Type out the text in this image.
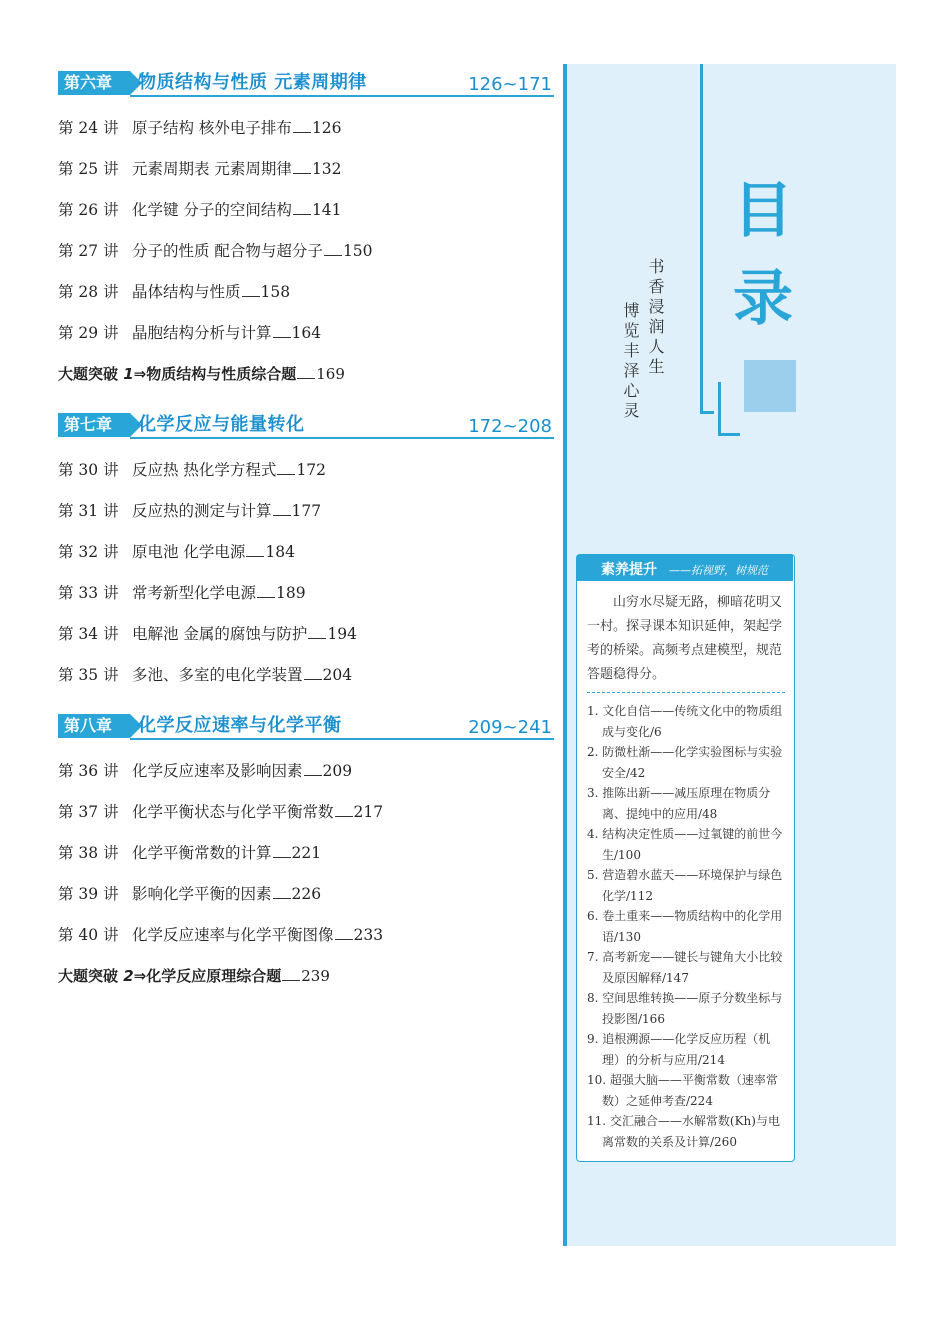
第六章	物质结构与性质 元素周期律	126~171
第 24 讲 原子结构 核外电子排布 126
第 25 讲 元素周期表 元素周期律 132
第 26 讲 化学键 分子的空间结构 141
第 27 讲 分子的性质 配合物与超分子 150
第 28 讲 晶体结构与性质 158
第 29 讲 晶胞结构分析与计算 164
大题突破 1⇒物质结构与性质综合题 169
第七章	化学反应与能量转化	172~208
第 30 讲 反应热 热化学方程式 172
第 31 讲 反应热的测定与计算 177
第 32 讲 原电池 化学电源 184
第 33 讲 常考新型化学电源 189
第 34 讲 电解池 金属的腐蚀与防护 194
第 35 讲 多池、多室的电化学装置 204
第八章	化学反应速率与化学平衡	209~241
第 36 讲 化学反应速率及影响因素 209
第 37 讲 化学平衡状态与化学平衡常数 217
第 38 讲 化学平衡常数的计算 221
第 39 讲 影响化学平衡的因素 226
第 40 讲 化学反应速率与化学平衡图像 233
大题突破 2⇒化学反应原理综合题 239
目
录
书香浸润人生
博览丰泽心灵
素养提升 ——拓视野，树规范
山穷水尽疑无路，柳暗花明又一村。探寻课本知识延伸，架起学考的桥梁。高频考点建模型，规范答题稳得分。
1. 文化自信——传统文化中的物质组成与变化/6
2. 防微杜渐——化学实验图标与实验安全/42
3. 推陈出新——减压原理在物质分离、提纯中的应用/48
4. 结构决定性质——过氧键的前世今生/100
5. 营造碧水蓝天——环境保护与绿色化学/112
6. 卷土重来——物质结构中的化学用语/130
7. 高考新宠——键长与键角大小比较及原因解释/147
8. 空间思维转换——原子分数坐标与投影图/166
9. 追根溯源——化学反应历程（机理）的分析与应用/214
10. 超强大脑——平衡常数（速率常数）之延伸考查/224
11. 交汇融合——水解常数(Kh)与电离常数的关系及计算/260
